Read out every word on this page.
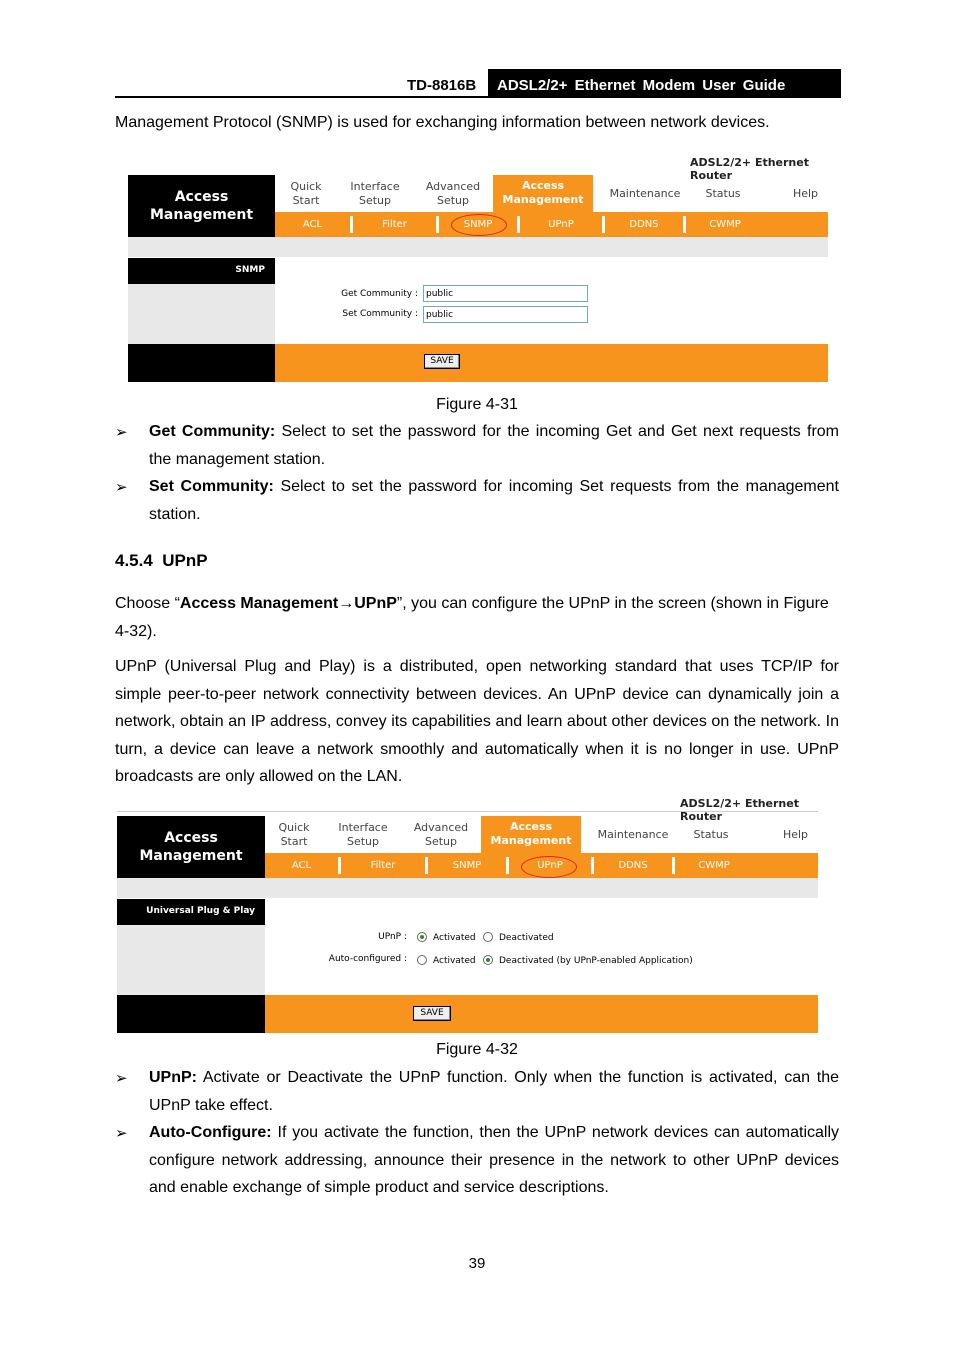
TD-8816B	ADSL2/2+ Ethernet Modem User Guide
Management Protocol (SNMP) is used for exchanging information between network devices.
ADSL2/2+ Ethernet Router
Access
Management
Quick
Start
Interface
Setup
Advanced
Setup
Access
Management	Maintenance	Status	Help
ACL	Filter	SNMP	UPnP	DDNS	CWMP
SNMP
Get Community :
public
Set Community :
public
SAVE
Figure 4-31
➢ Get Community: Select to set the password for the incoming Get and Get next requests from the management station.
➢ Set Community: Select to set the password for incoming Set requests from the management station.
4.5.4 UPnP
Choose “Access Management→UPnP”, you can configure the UPnP in the screen (shown in Figure 4-32).
UPnP (Universal Plug and Play) is a distributed, open networking standard that uses TCP/IP for simple peer-to-peer network connectivity between devices. An UPnP device can dynamically join a network, obtain an IP address, convey its capabilities and learn about other devices on the network. In turn, a device can leave a network smoothly and automatically when it is no longer in use. UPnP broadcasts are only allowed on the LAN.
ADSL2/2+ Ethernet Router
Access
Management
Quick
Start
Interface
Setup
Advanced
Setup
Access
Management	Maintenance	Status	Help
ACL	Filter	SNMP	UPnP	DDNS	CWMP
Universal Plug & Play
UPnP :	Activated	Deactivated
Auto-configured :	Activated	Deactivated (by UPnP-enabled Application)
SAVE
Figure 4-32
➢ UPnP: Activate or Deactivate the UPnP function. Only when the function is activated, can the UPnP take effect.
➢ Auto-Configure: If you activate the function, then the UPnP network devices can automatically configure network addressing, announce their presence in the network to other UPnP devices and enable exchange of simple product and service descriptions.
39
